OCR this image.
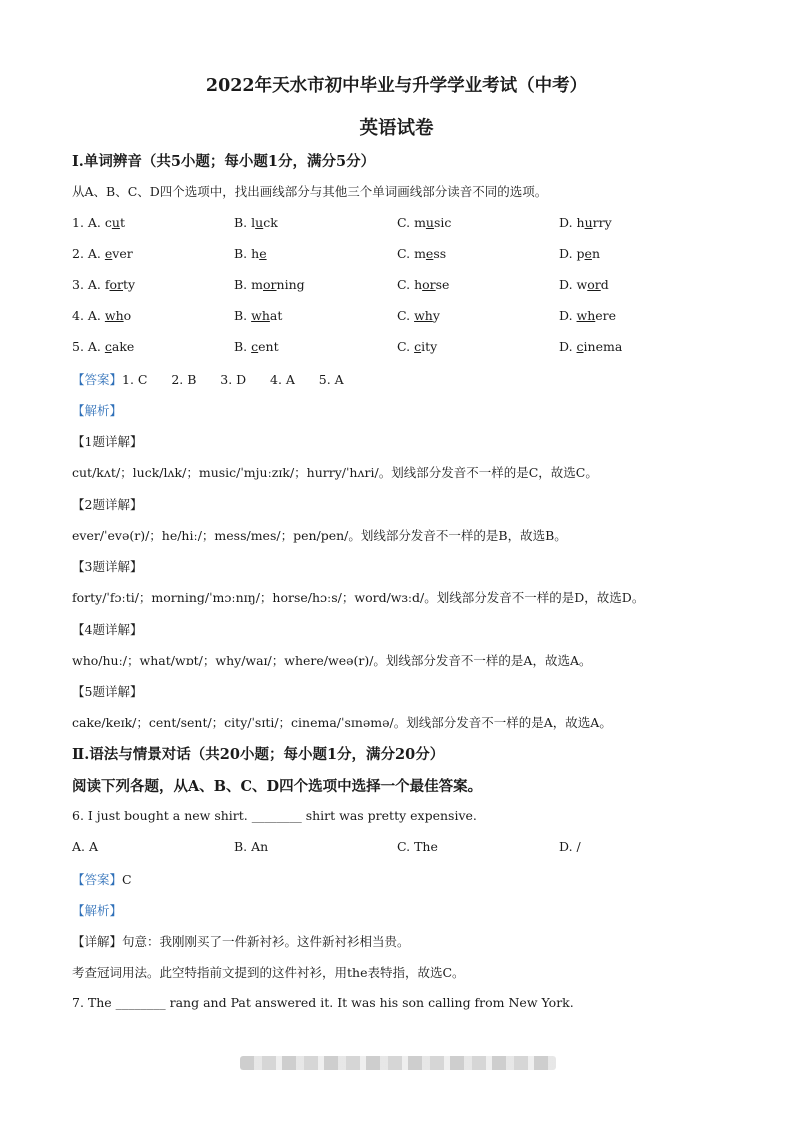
2022年天水市初中毕业与升学学业考试（中考）
英语试卷
Ⅰ.单词辨音（共5小题；每小题1分，满分5分）
从A、B、C、D四个选项中，找出画线部分与其他三个单词画线部分读音不同的选项。
1. A. cut	B. luck	C. music	D. hurry
2. A. ever	B. he	C. mess	D. pen
3. A. forty	B. morning	C. horse	D. word
4. A. who	B. what	C. why	D. where
5. A. cake	B. cent	C. city	D. cinema
【答案】1. C      2. B      3. D      4. A      5. A
【解析】
【1题详解】
cut/kʌt/；luck/lʌk/；music/ˈmjuːzɪk/；hurry/ˈhʌri/。划线部分发音不一样的是C，故选C。
【2题详解】
ever/ˈevə(r)/；he/hiː/；mess/mes/；pen/pen/。划线部分发音不一样的是B，故选B。
【3题详解】
forty/ˈfɔːti/；morning/ˈmɔːnɪŋ/；horse/hɔːs/；word/wɜːd/。划线部分发音不一样的是D，故选D。
【4题详解】
who/huː/；what/wɒt/；why/waɪ/；where/weə(r)/。划线部分发音不一样的是A，故选A。
【5题详解】
cake/keɪk/；cent/sent/；city/ˈsɪti/；cinema/ˈsɪnəmə/。划线部分发音不一样的是A，故选A。
Ⅱ.语法与情景对话（共20小题；每小题1分，满分20分）
阅读下列各题，从A、B、C、D四个选项中选择一个最佳答案。
6. I just bought a new shirt. ________ shirt was pretty expensive.
A. A	B. An	C. The	D. /
【答案】C
【解析】
【详解】句意：我刚刚买了一件新衬衫。这件新衬衫相当贵。
考查冠词用法。此空特指前文提到的这件衬衫，用the表特指，故选C。
7. The ________ rang and Pat answered it. It was his son calling from New York.
